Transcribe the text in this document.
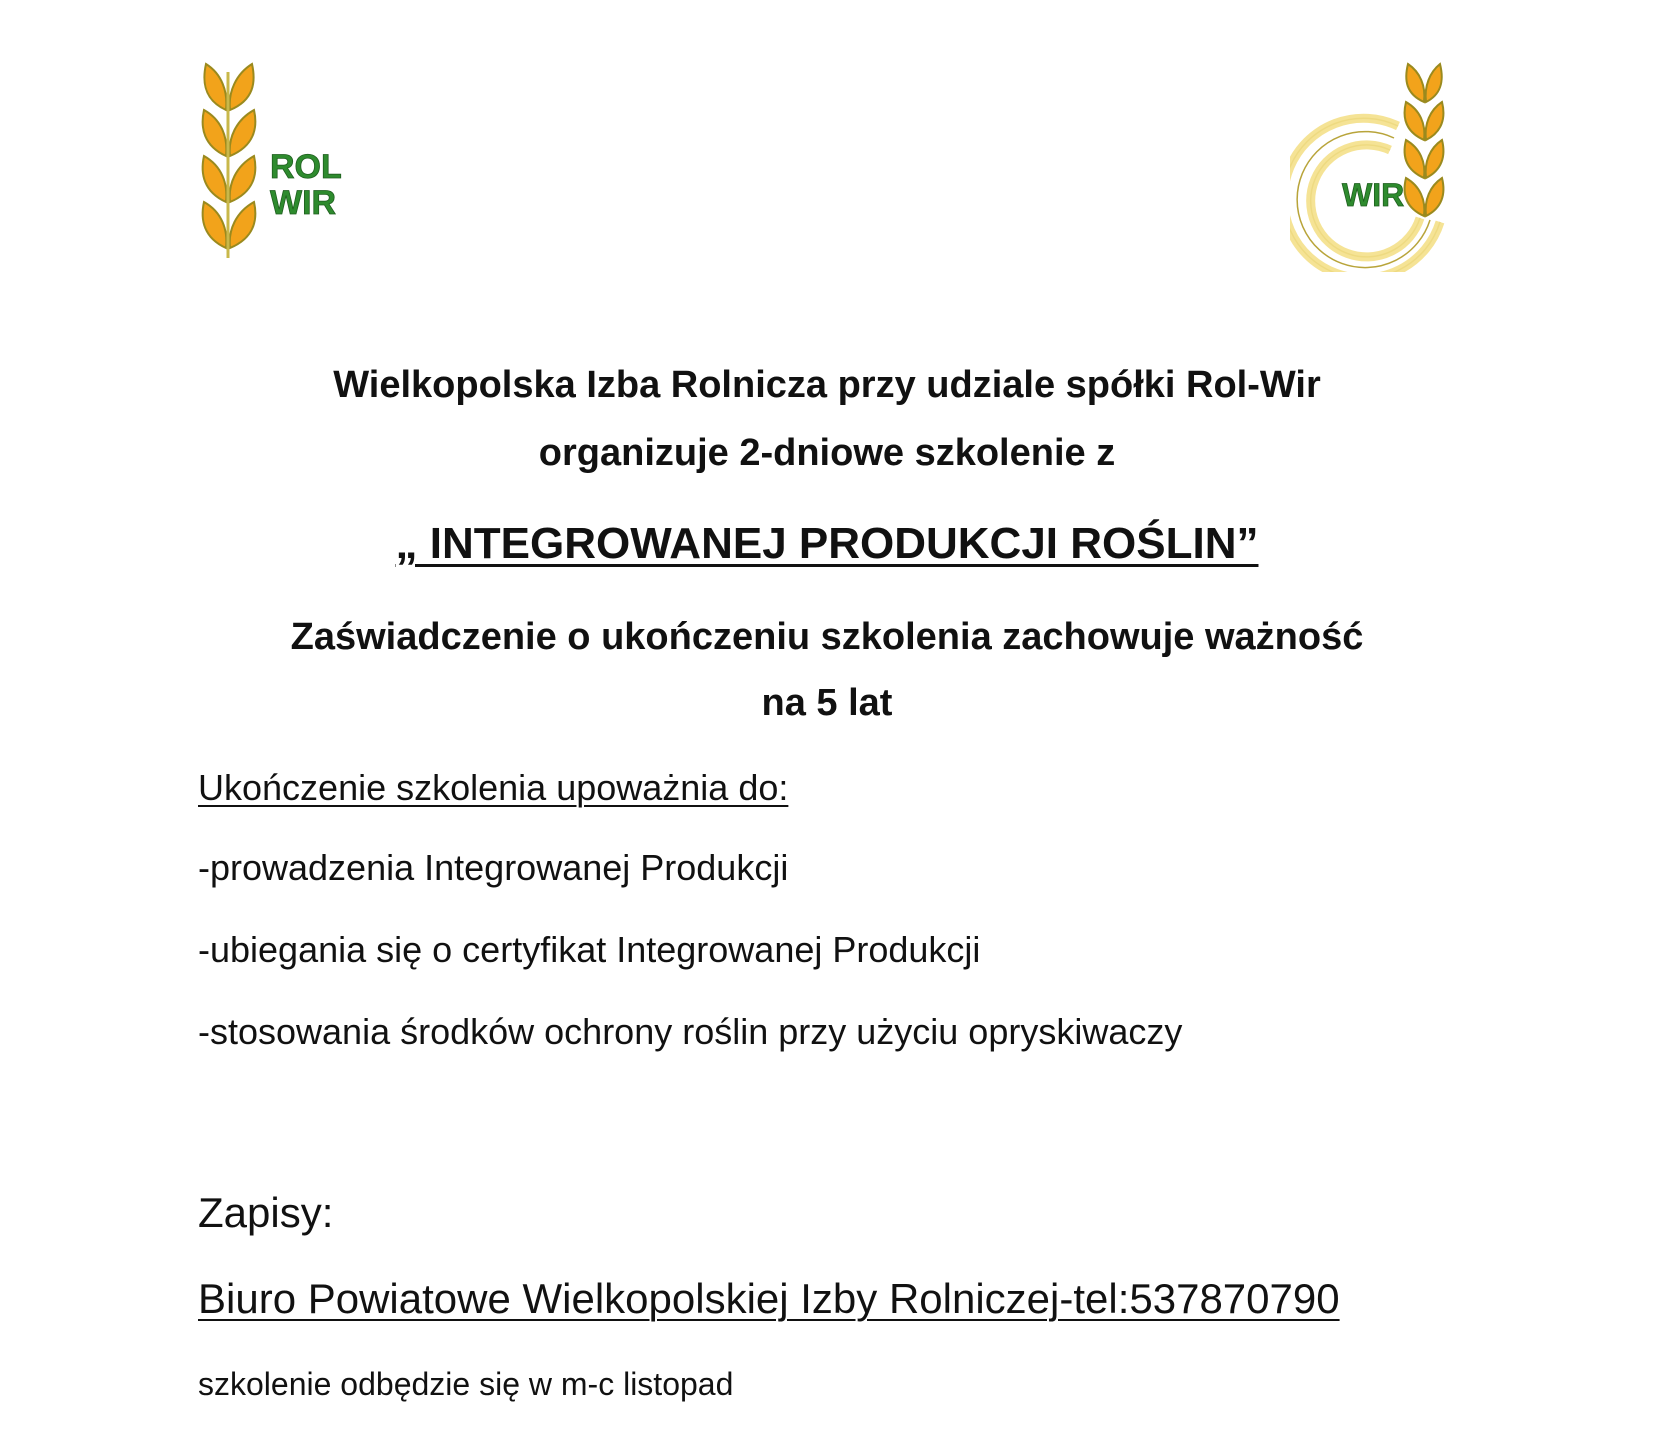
ROL
WIR	WIR

Wielkopolska Izba Rolnicza przy udziale spółki Rol-Wir

organizuje 2-dniowe szkolenie z

„ INTEGROWANEJ PRODUKCJI ROŚLIN”

Zaświadczenie o ukończeniu szkolenia zachowuje ważność

na 5 lat

Ukończenie szkolenia upoważnia do:

-prowadzenia Integrowanej Produkcji

-ubiegania się o certyfikat Integrowanej Produkcji

-stosowania środków ochrony roślin przy użyciu opryskiwaczy

Zapisy:

Biuro Powiatowe Wielkopolskiej Izby Rolniczej-tel:537870790

szkolenie odbędzie się w m-c listopad
